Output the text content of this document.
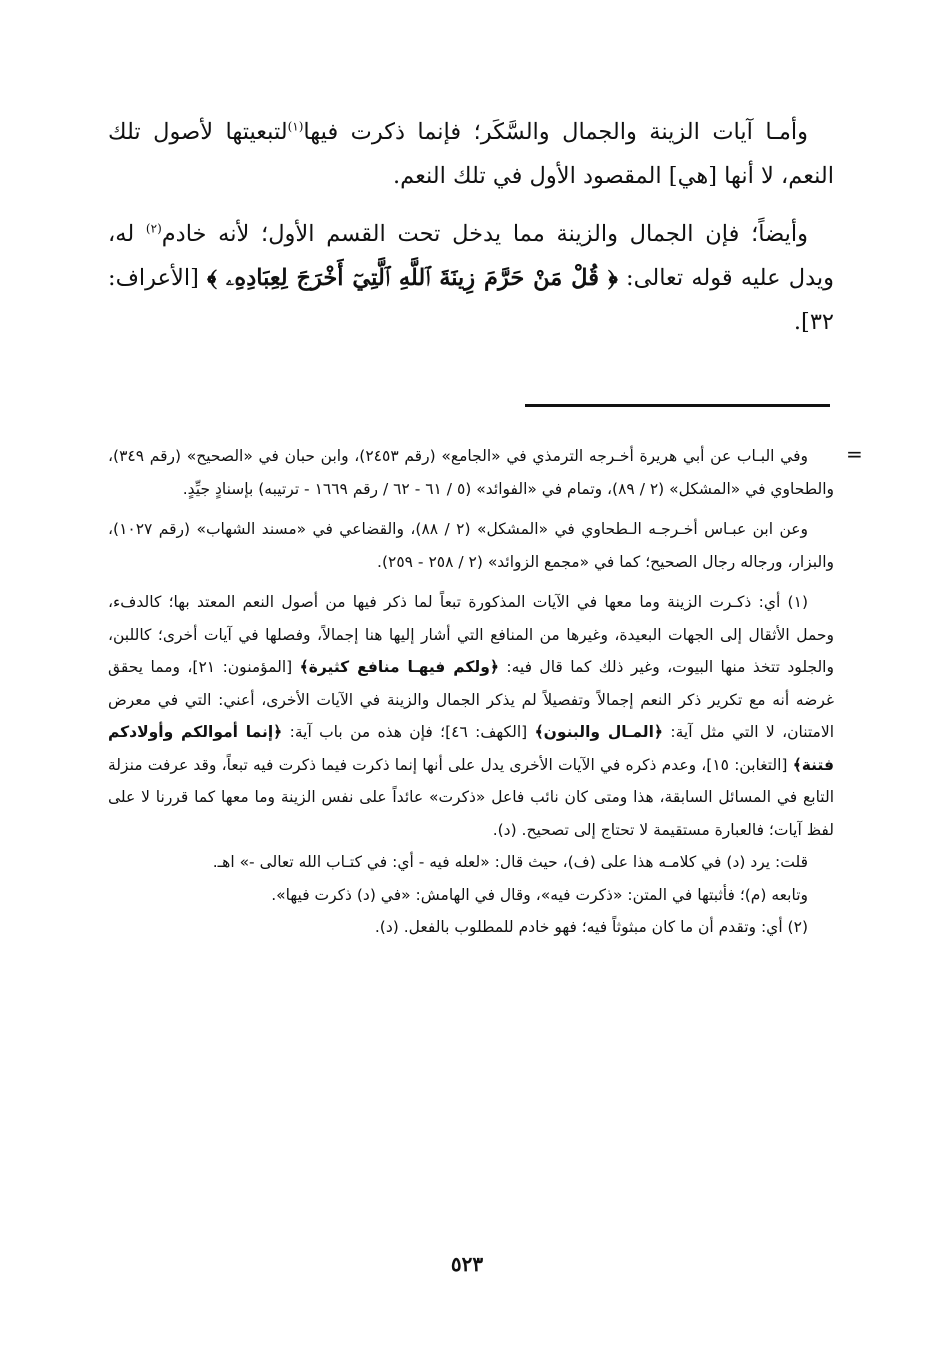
وأمـا آيات الزينة والجمال والسَّكَر؛ فإنما ذكرت فيها$^{(١)}$لتبعيتها لأصول تلك النعم، لا أنها [هي] المقصود الأول في تلك النعم.

وأيضاً؛ فإن الجمال والزينة مما يدخل تحت القسم الأول؛ لأنه خادم$^{(٢)}$ له، ويدل عليه قوله تعالى: ﴿ قُلْ مَنْ حَرَّمَ زِينَةَ ٱللَّهِ ٱلَّتِيٓ أَخْرَجَ لِعِبَادِهِۦ ﴾ [الأعراف: ٣٢].

=

وفي البـاب عن أبي هريرة أخـرجه الترمذي في «الجامع» (رقم ٢٤٥٣)، وابن حبان في «الصحيح» (رقم ٣٤٩)، والطحاوي في «المشكل» (٢ / ٨٩)، وتمام في «الفوائد» (٥ / ٦١ - ٦٢ / رقم ١٦٦٩ - ترتيبه) بإسنادٍ جيِّدٍ.

وعن ابن عبـاس أخـرجـه الـطحاوي في «المشكل» (٢ / ٨٨)، والقضاعي في «مسند الشهاب» (رقم ١٠٢٧)، والبزار، ورجاله رجال الصحيح؛ كما في «مجمع الزوائد» (٢ / ٢٥٨ - ٢٥٩).

(١) أي: ذكـرت الزينة وما معها في الآيات المذكورة تبعاً لما ذكر فيها من أصول النعم المعتد بها؛ كالدفء، وحمل الأثقال إلى الجهات البعيدة، وغيرها من المنافع التي أشار إليها هنا إجمالاً، وفصلها في آيات أخرى؛ كاللبن، والجلود تتخذ منها البيوت، وغير ذلك كما قال فيه: ﴿ولكم فيهـا منافع كثيرة﴾ [المؤمنون: ٢١]، ومما يحقق غرضه أنه مع تكرير ذكر النعم إجمالاً وتفصيلاً لم يذكر الجمال والزينة في الآيات الأخرى، أعني: التي في معرض الامتنان، لا التي مثل آية: ﴿المـال والبنون﴾ [الكهف: ٤٦]؛ فإن هذه من باب آية: ﴿إنما أموالكم وأولادكم فتنة﴾ [التغابن: ١٥]، وعدم ذكره في الآيات الأخرى يدل على أنها إنما ذكرت فيما ذكرت فيه تبعاً، وقد عرفت منزلة التابع في المسائل السابقة، هذا ومتى كان نائب فاعل «ذكرت» عائداً على نفس الزينة وما معها كما قررنا لا على لفظ آيات؛ فالعبارة مستقيمة لا تحتاج إلى تصحيح. (د).

قلت: يرد (د) في كلامـه هذا على (ف)، حيث قال: «لعله فيه - أي: في كتـاب الله تعالى -» اهـ.

وتابعه (م)؛ فأثبتها في المتن: «ذكرت فيه»، وقال في الهامش: «في (د) ذكرت فيها».

(٢) أي: وتقدم أن ما كان مبثوثاً فيه؛ فهو خادم للمطلوب بالفعل. (د).

٥٢٣
